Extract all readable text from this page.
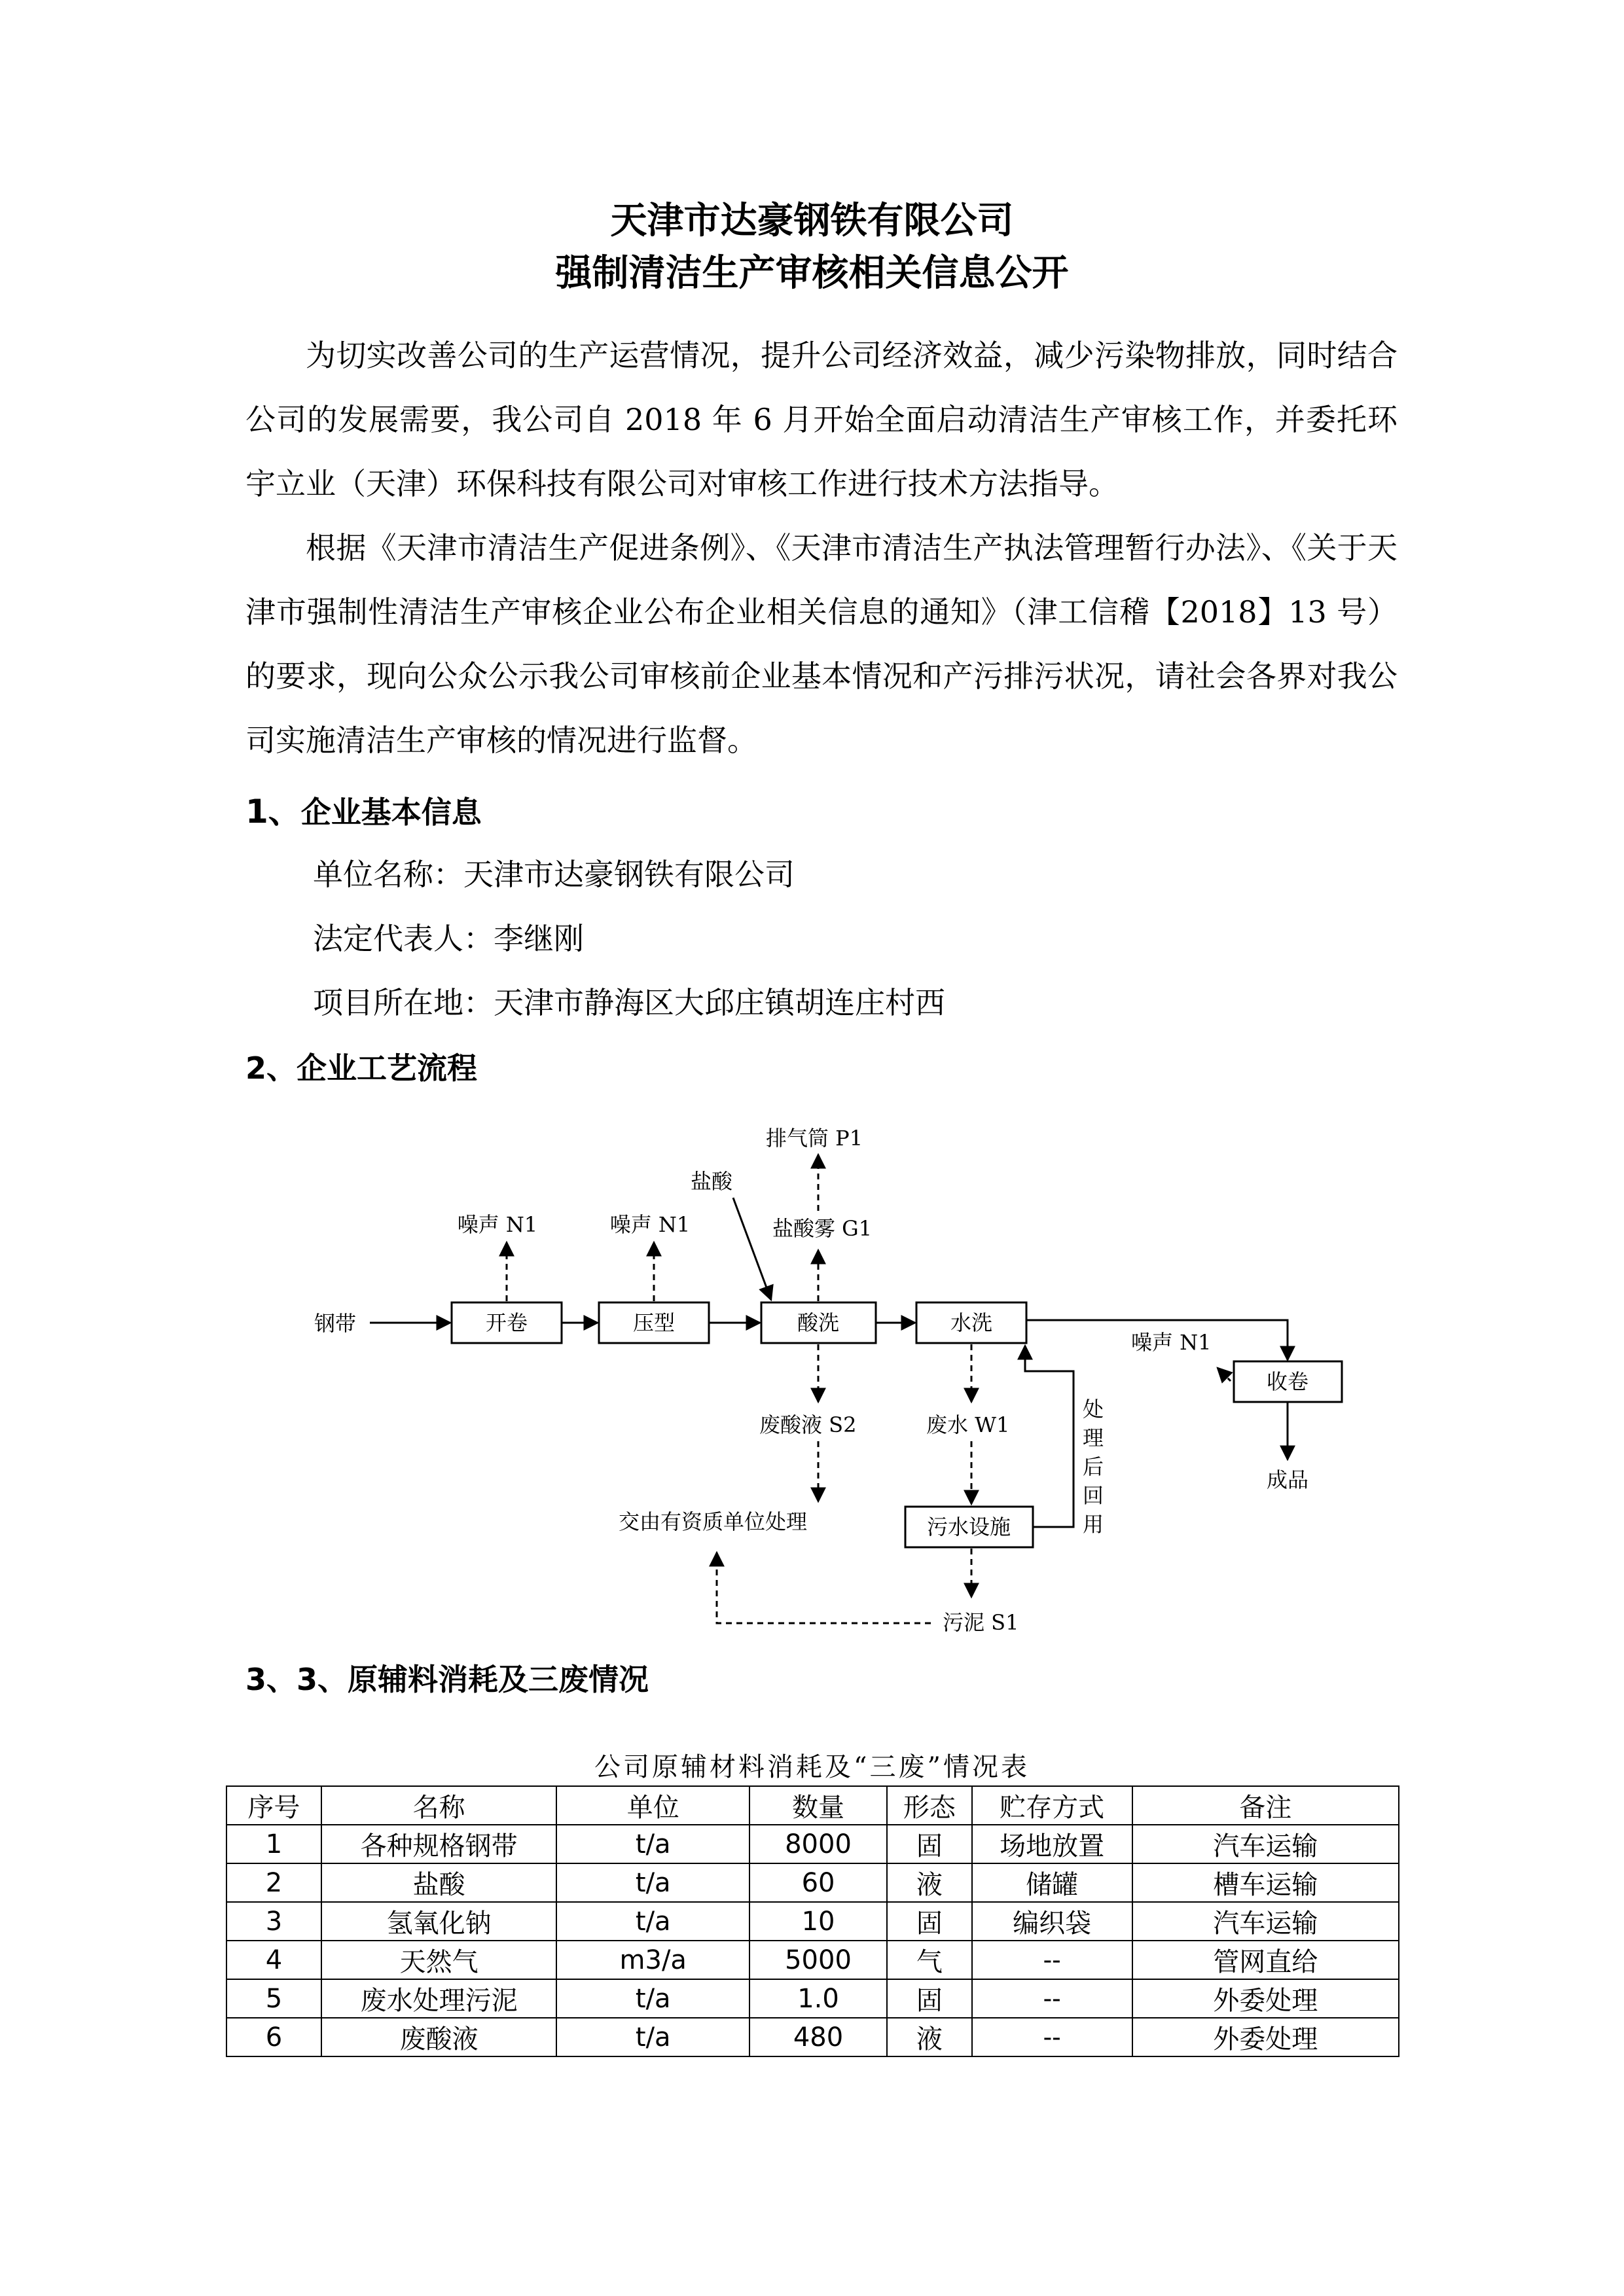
天津市达豪钢铁有限公司
强制清洁生产审核相关信息公开
为切实改善公司的生产运营情况，提升公司经济效益，减少污染物排放，同时结合公司的发展需要，我公司自 2018 年 6 月开始全面启动清洁生产审核工作，并委托环宇立业（天津）环保科技有限公司对审核工作进行技术方法指导。
根据《天津市清洁生产促进条例》、《天津市清洁生产执法管理暂行办法》、《关于天津市强制性清洁生产审核企业公布企业相关信息的通知》（津工信稽【2018】13 号）的要求，现向公众公示我公司审核前企业基本情况和产污排污状况，请社会各界对我公司实施清洁生产审核的情况进行监督。
1、企业基本信息
单位名称：天津市达豪钢铁有限公司
法定代表人：李继刚
项目所在地：天津市静海区大邱庄镇胡连庄村西
2、企业工艺流程
开卷	压型	酸洗	水洗
收卷
污水设施
钢带
成品
噪声 N1	噪声 N1
噪声 N1
盐酸
盐酸雾 G1
排气筒 P1
废酸液 S2
交由有资质单位处理
废水 W1
处
理
后
回
用
污泥 S1
3、3、原辅料消耗及三废情况
公司原辅材料消耗及“三废”情况表
序号	名称	单位	数量	形态	贮存方式	备注
1	各种规格钢带	t/a	8000	固	场地放置	汽车运输
2	盐酸	t/a	60	液	储罐	槽车运输
3	氢氧化钠	t/a	10	固	编织袋	汽车运输
4	天然气	m3/a	5000	气	--	管网直给
5	废水处理污泥	t/a	1.0	固	--	外委处理
6	废酸液	t/a	480	液	--	外委处理
